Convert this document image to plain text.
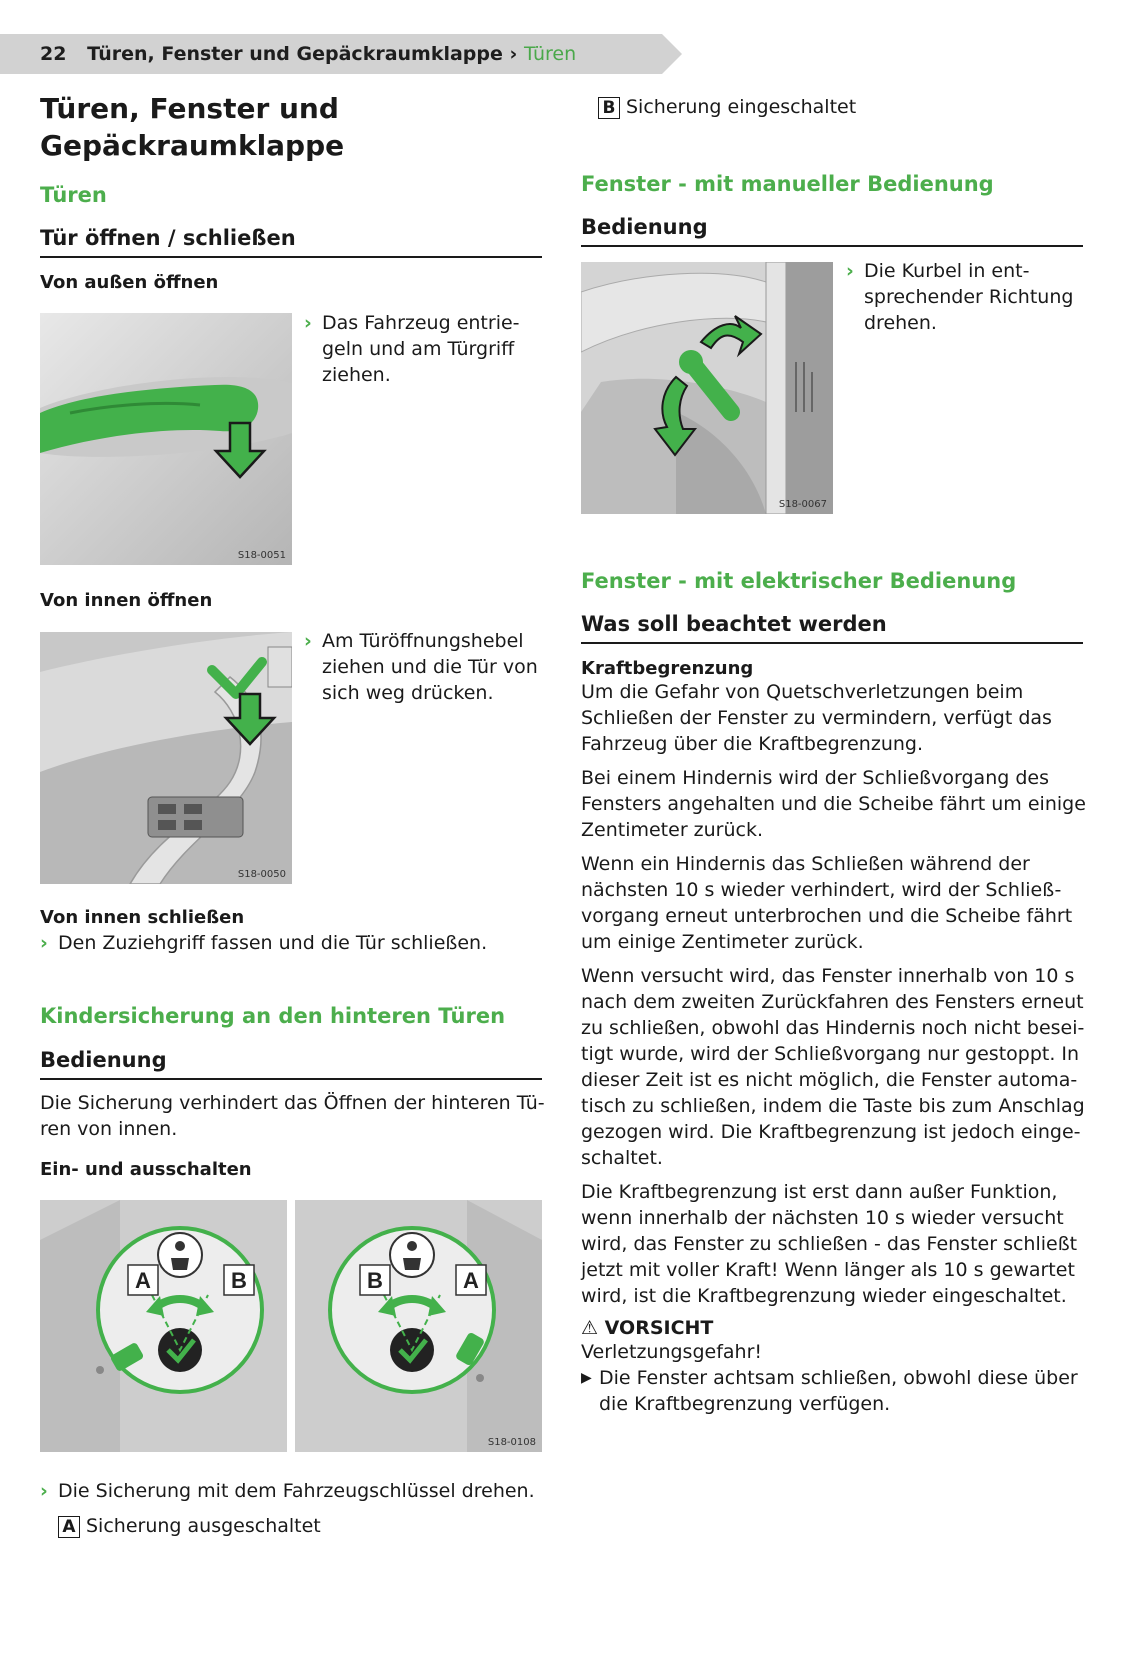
22 Türen, Fenster und Gepäckraumklappe › Türen
Türen, Fenster und
Gepäckraumklappe
Türen
Tür öffnen / schließen
Von außen öffnen
S18-0051
› Das Fahrzeug entrie-
geln und am Türgriff
ziehen.
Von innen öffnen
S18-0050
› Am Türöffnungshebel
ziehen und die Tür von
sich weg drücken.
Von innen schließen
› Den Zuziehgriff fassen und die Tür schließen.
Kindersicherung an den hinteren Türen
Bedienung
Die Sicherung verhindert das Öffnen der hinteren Tü-
ren von innen.
Ein- und ausschalten
A	B	B	A
S18-0108
› Die Sicherung mit dem Fahrzeugschlüssel drehen.
A Sicherung ausgeschaltet
B Sicherung eingeschaltet
Fenster - mit manueller Bedienung
Bedienung
S18-0067
› Die Kurbel in ent-
sprechender Richtung
drehen.
Fenster - mit elektrischer Bedienung
Was soll beachtet werden
Kraftbegrenzung

Um die Gefahr von Quetschverletzungen beim
Schließen der Fenster zu vermindern, verfügt das
Fahrzeug über die Kraftbegrenzung.

Bei einem Hindernis wird der Schließvorgang des
Fensters angehalten und die Scheibe fährt um einige
Zentimeter zurück.

Wenn ein Hindernis das Schließen während der
nächsten 10 s wieder verhindert, wird der Schließ-
vorgang erneut unterbrochen und die Scheibe fährt
um einige Zentimeter zurück.

Wenn versucht wird, das Fenster innerhalb von 10 s
nach dem zweiten Zurückfahren des Fensters erneut
zu schließen, obwohl das Hindernis noch nicht besei-
tigt wurde, wird der Schließvorgang nur gestoppt. In
dieser Zeit ist es nicht möglich, die Fenster automa-
tisch zu schließen, indem die Taste bis zum Anschlag
gezogen wird. Die Kraftbegrenzung ist jedoch einge-
schaltet.

Die Kraftbegrenzung ist erst dann außer Funktion,
wenn innerhalb der nächsten 10 s wieder versucht
wird, das Fenster zu schließen - das Fenster schließt
jetzt mit voller Kraft! Wenn länger als 10 s gewartet
wird, ist die Kraftbegrenzung wieder eingeschaltet.

⚠ VORSICHT
Verletzungsgefahr!
▶ Die Fenster achtsam schließen, obwohl diese über
die Kraftbegrenzung verfügen.
